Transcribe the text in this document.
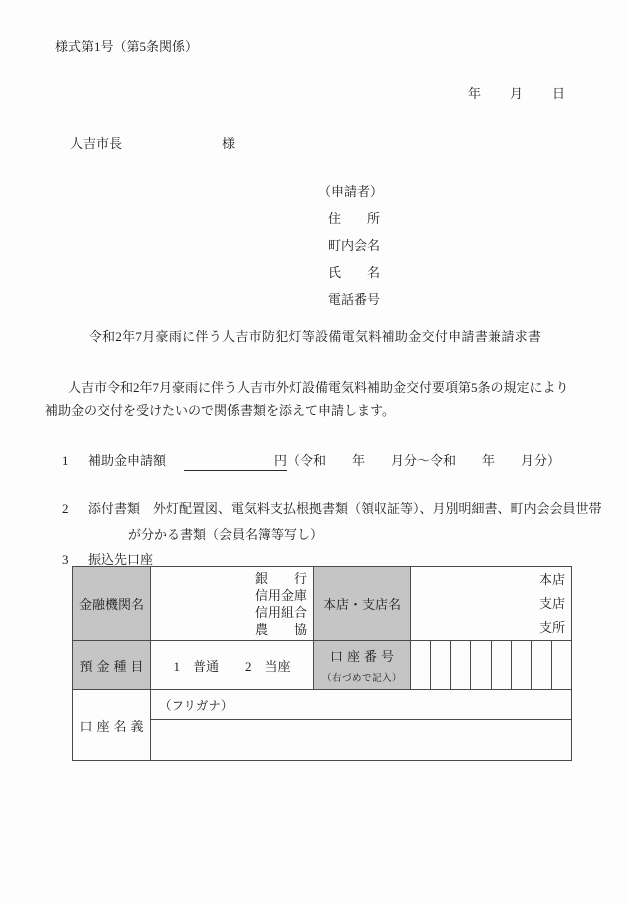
様式第1号（第5条関係）
年　　月　　日
人吉市長	様
（申請者）
住　　所
町内会名
氏　　名
電話番号
令和2年7月豪雨に伴う人吉市防犯灯等設備電気料補助金交付申請書兼請求書
人吉市令和2年7月豪雨に伴う人吉市外灯設備電気料補助金交付要項第5条の規定により
補助金の交付を受けたいので関係書類を添えて申請します。
1 補助金申請額	円（令和　　年　　月分～令和　　年　　月分）
2 添付書類 外灯配置図、電気料支払根拠書類（領収証等）、月別明細書、町内会会員世帯
が分かる書類（会員名簿等写し）
3 振込先口座
金融機関名
銀行
信用金庫
信用組合
農協
本店・支店名
本店
支店
支所
預金種目 1　普通　　2　当座
口座番号
（右づめで記入）
口座名義
（フリガナ）
